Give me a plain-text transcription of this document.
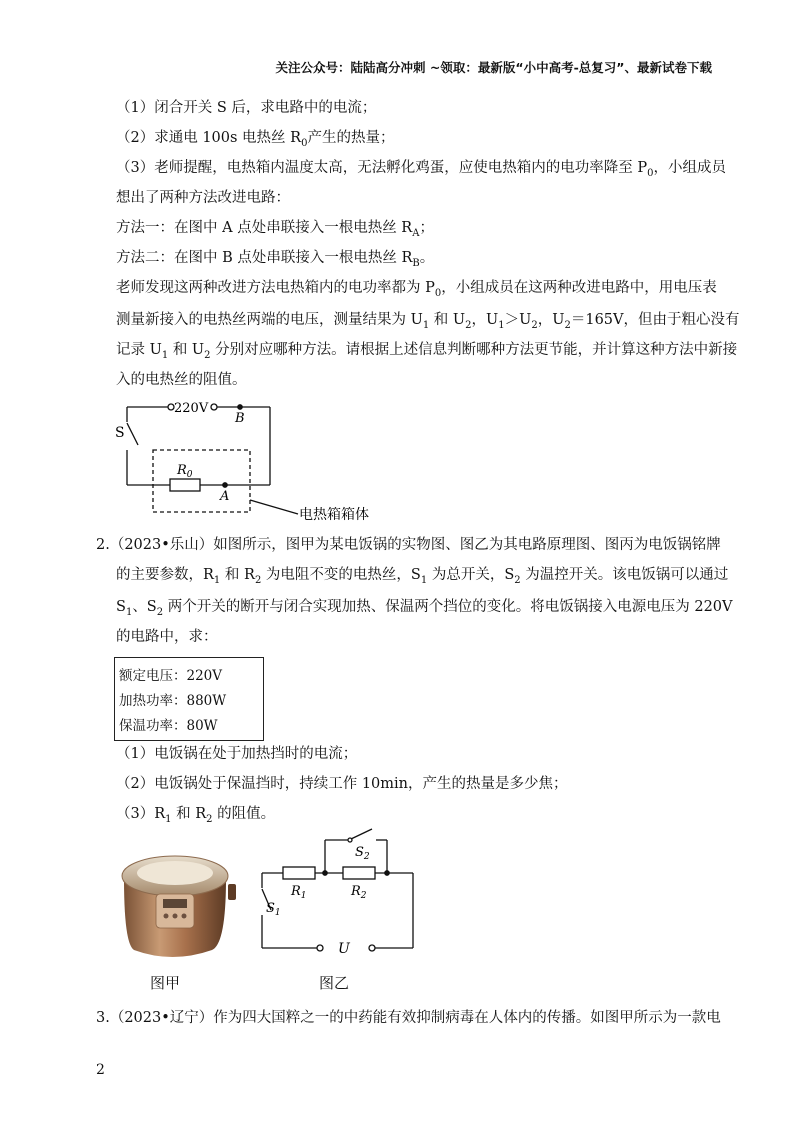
关注公众号：陆陆高分冲刺 ~领取：最新版“小中高考-总复习”、最新试卷下载
（1）闭合开关 S 后，求电路中的电流；
（2）求通电 100s 电热丝 $R_0$产生的热量；
（3）老师提醒，电热箱内温度太高，无法孵化鸡蛋，应使电热箱内的电功率降至 $P_0$，小组成员
想出了两种方法改进电路：
方法一：在图中 A 点处串联接入一根电热丝 $R_A$；
方法二：在图中 B 点处串联接入一根电热丝 $R_B$。
老师发现这两种改进方法电热箱内的电功率都为 $P_0$，小组成员在这两种改进电路中，用电压表
测量新接入的电热丝两端的电压，测量结果为 $U_1$ 和 $U_2$，$U_1>U_2$，$U_2=165V$，但由于粗心没有
记录 $U_1$ 和 $U_2$ 分别对应哪种方法。请根据上述信息判断哪种方法更节能，并计算这种方法中新接
入的电热丝的阻值。
S
220V
B
A
$R_0$
电热箱箱体
2.（2023•乐山）如图所示，图甲为某电饭锅的实物图、图乙为其电路原理图、图丙为电饭锅铭牌
的主要参数，$R_1$ 和 $R_2$ 为电阻不变的电热丝，$S_1$ 为总开关，$S_2$ 为温控开关。该电饭锅可以通过
$S_1$、$S_2$ 两个开关的断开与闭合实现加热、保温两个挡位的变化。将电饭锅接入电源电压为 220V
的电路中，求：
额定电压：220V
加热功率：880W
保温功率：80W
（1）电饭锅在处于加热挡时的电流；
（2）电饭锅处于保温挡时，持续工作 10min，产生的热量是多少焦；
$(3)R_1$ 和 $R_2$ 的阻值。
图甲
$S_2$
$R_1$	$R_2$
$S_1$
U
图乙
3.（2023•辽宁）作为四大国粹之一的中药能有效抑制病毒在人体内的传播。如图甲所示为一款电
2
